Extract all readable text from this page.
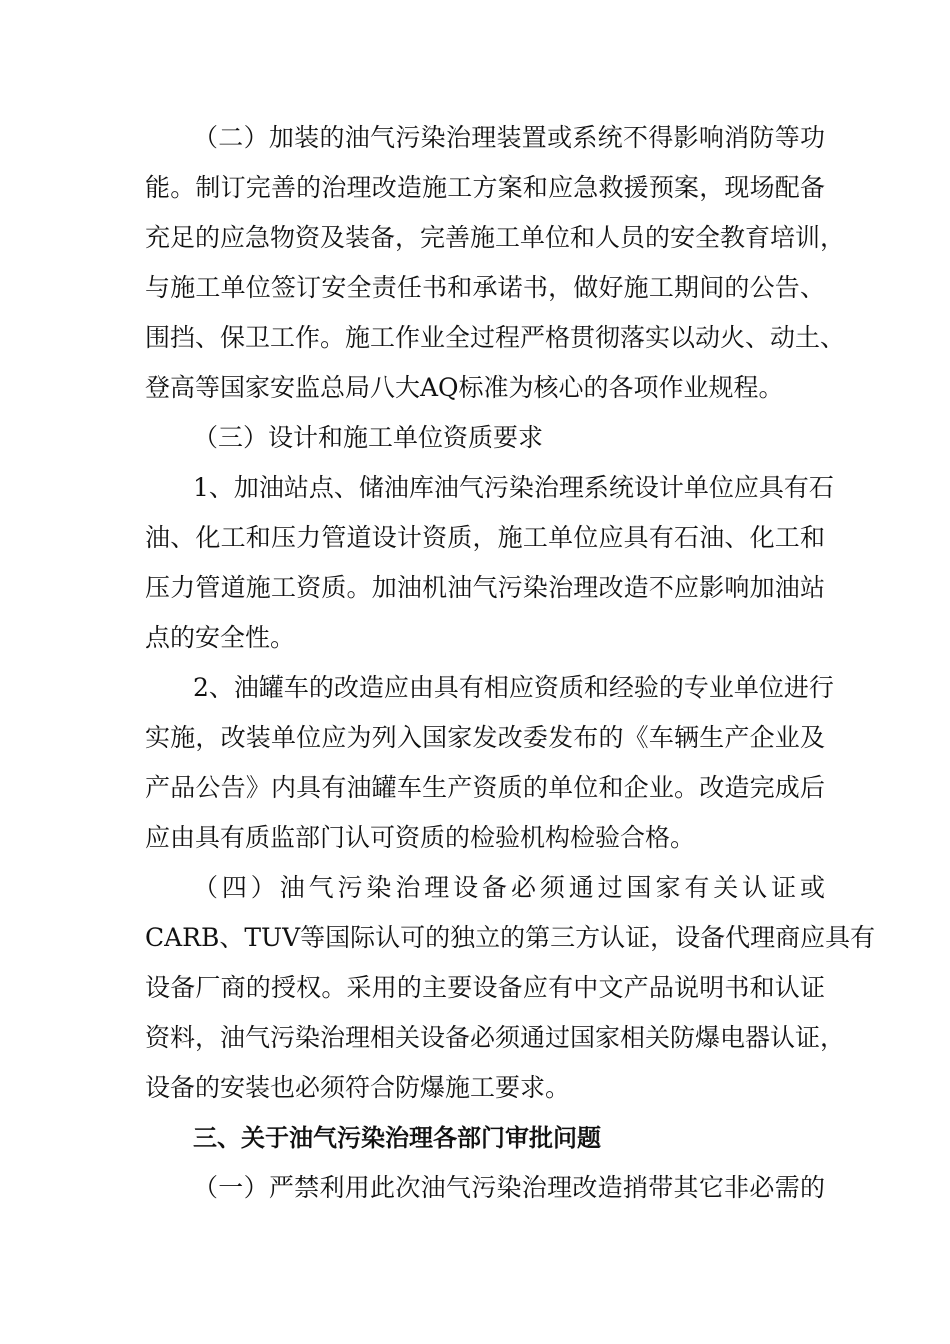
（二）加装的油气污染治理装置或系统不得影响消防等功
能。制订完善的治理改造施工方案和应急救援预案，现场配备
充足的应急物资及装备，完善施工单位和人员的安全教育培训，
与施工单位签订安全责任书和承诺书，做好施工期间的公告、
围挡、保卫工作。施工作业全过程严格贯彻落实以动火、动土、
登高等国家安监总局八大AQ标准为核心的各项作业规程。
（三）设计和施工单位资质要求
1、加油站点、储油库油气污染治理系统设计单位应具有石
油、化工和压力管道设计资质，施工单位应具有石油、化工和
压力管道施工资质。加油机油气污染治理改造不应影响加油站
点的安全性。
2、油罐车的改造应由具有相应资质和经验的专业单位进行
实施，改装单位应为列入国家发改委发布的《车辆生产企业及
产品公告》内具有油罐车生产资质的单位和企业。改造完成后
应由具有质监部门认可资质的检验机构检验合格。
（四）油气污染治理设备必须通过国家有关认证或
CARB、TUV等国际认可的独立的第三方认证，设备代理商应具有
设备厂商的授权。采用的主要设备应有中文产品说明书和认证
资料，油气污染治理相关设备必须通过国家相关防爆电器认证，
设备的安装也必须符合防爆施工要求。
三、关于油气污染治理各部门审批问题
（一）严禁利用此次油气污染治理改造捎带其它非必需的
